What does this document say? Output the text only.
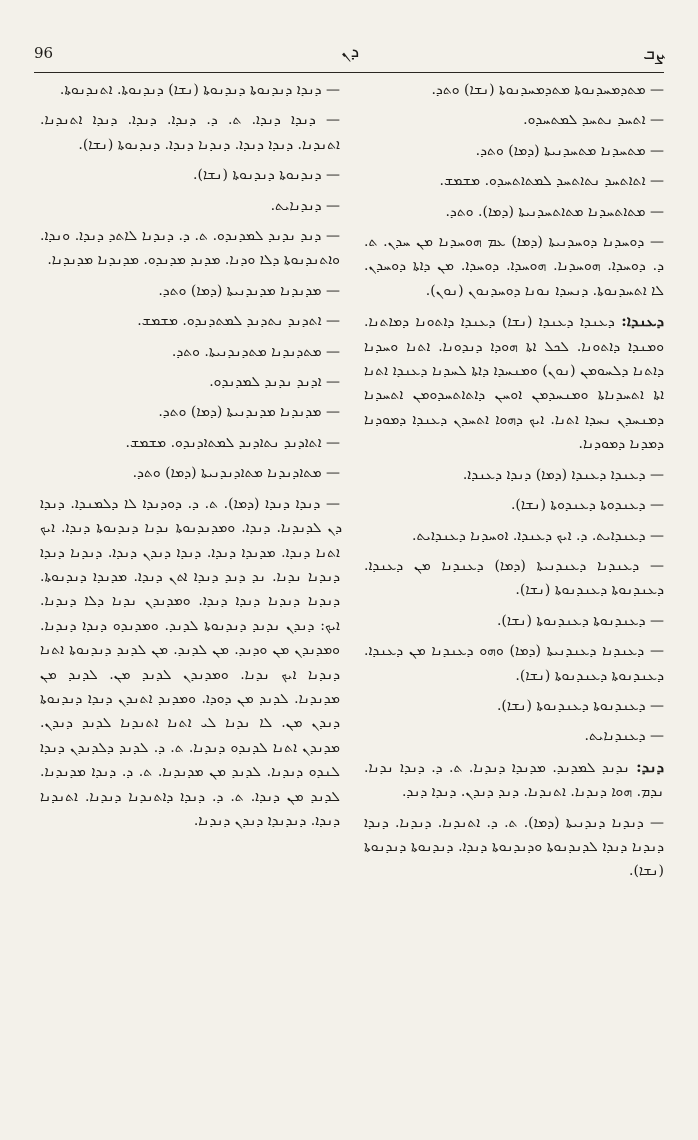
96	ܕܢ	ܨܒ

— ܡܬܕܡܚܕܢܘܬܐ ܡܬܕܡܚܕܢܘܬܐ (ܢܫܐ) ܘܬܕ.

— ܐܬܚܕ ܢܬܚܕ ܠܡܬܚܕܘ.

— ܡܬܚܕܢܐ ܡܬܚܕܢܝܬܐ (ܕܡܐ) ܘܬܕ.

— ܐܬܐܬܚܕ ܢܬܐܬܚܕ ܠܡܬܐܬܚܕܘ. ܡܫܡܫ.

— ܡܬܐܬܚܕܢܐ ܡܬܐܬܚܕܢܝܬܐ (ܕܡܐ). ܘܬܕ.

— ܕܘܚܕܢܐ ܕܘܚܕܢܝܬܐ (ܕܡܐ) ܥܡ ܗܘܚܕܢܐ ܡܢ ܚܕܢ. ܬ. ܕ. ܕܘܚܕܐ. ܗܘܚܕܢܐ. ܗܘܚܕܐ. ܕܘܚܕܐ. ܡܢ ܕܐܬܐ ܕܘܚܕܢ. ܠܐ ܐܬܚܕܢܘܬܐ. ܕܢܚܕܐ ܢܘܢܐ ܕܘܚܕܢܘܢ (ܢܘܢ).

ܕܥܢܕܐ: ܕܥܢܕܐ ܕܥܢܕܐ (ܢܫܐ) ܕܥܢܕܐ ܕܐܬܘܢܐ ܕܡܐܬܢܐ. ܘܡܢܕܐ ܕܐܬܘܢܐ. ܠܟܠ ܐܬܐ ܗܘܕܐ ܕܢܕܘܢܐ. ܐܬܢܐ ܘܚܕܢܐ ܕܐܬܢܐ ܕܠܚܘܡܢ (ܢܘܢ) ܘܡܢܚܕܐ ܕܐܬܐ ܠܚܕܢܐ ܕܥܢܕܐ ܐܬܢܐ ܐܬܐ ܐܬܚܕܢܐܬܐ ܘܡܢܚܕܡܢ ܐܘܚܢ ܕܐܬܐܬܚܕܘܡܢ ܐܬܚܕܢܐ ܕܡܢܚܕܢ ܢܚܕܐ ܐܬܢܐ. ܐܝܟ ܕܗܘܐ ܐܬܚܕܢ ܕܥܢܕܐ ܕܡܘܕܢܐ ܕܡܕܢܐ ܕܡܘܕܢܐ.

— ܕܥܢܕܐ ܕܥܢܕܐ (ܕܡܐ) ܕܢܕܐ ܕܥܢܕܐ.

— ܕܥܢܕܘܬܐ ܕܥܢܕܘܬܐ (ܢܫܐ).

— ܕܥܢܕܐܝܬ. ܕ. ܐܝܟ ܕܥܢܕܐ. ܐܘܚܕܢܐ ܕܥܢܕܐܝܬ.

— ܕܥܢܕܢܐ ܕܥܢܕܢܝܬܐ (ܕܡܐ) ܕܥܢܕܢܐ ܡܢ ܕܥܢܕܐ. ܕܥܢܕܢܘܬܐ ܕܥܢܕܢܘܬܐ (ܢܫܐ).

— ܕܥܢܕܢܘܬܐ ܕܥܢܕܢܘܬܐ (ܢܫܐ).

— ܕܥܢܕܢܐ ܕܥܢܕܢܝܬܐ (ܕܡܐ) ܘܗܘ ܕܥܢܕܢܐ ܡܢ ܕܥܢܕܐ. ܕܥܢܕܢܘܬܐ ܕܥܢܕܢܘܬܐ (ܢܫܐ).

— ܕܥܢܕܢܘܬܐ ܕܥܢܕܢܘܬܐ (ܢܫܐ).

— ܕܥܢܕܢܐܝܬ.

ܕܢܕ: ܢܕܢܕ ܠܡܕܢܕ. ܡܕܢܕܐ ܕܢܕܢܐ. ܬ. ܕ. ܕܢܕܐ ܢܕܢܐ. ܢܕܡ. ܗܘܐ ܕܢܕܢܐ. ܐܬܢܕܢܐ. ܕܢܕ ܕܢܕܢ. ܕܢܕܐ ܕܢܕ.

— ܕܢܕܢܐ ܕܢܕܢܝܬܐ (ܕܡܐ). ܬ. ܕ. ܐܬܢܕܢܐ. ܕܢܕܢܐ. ܕܢܕܐ ܕܢܕܢܐ ܕܢܕܐ ܠܕܢܕܢܘܬܐ ܘܕܢܕܢܘܬܐ ܕܢܕܐ. ܕܢܕܢܘܬܐ ܕܢܕܢܘܬܐ (ܢܫܐ).

— ܕܢܕܐ ܕܢܕܢܘܬܐ ܕܢܕܢܘܬܐ (ܢܫܐ) ܕܢܕܢܘܬܐ. ܐܬܢܕܢܘܬܐ.

— ܕܢܕܐ ܕܢܕܐ. ܬ. ܕ. ܕܢܕܐ. ܕܢܕܐ. ܕܢܕܐ ܐܬܢܕܢܐ. ܐܬܢܕܢܐ. ܕܢܕܐ ܕܢܕܐ. ܕܢܕܢܐ ܕܢܕܐ. ܕܢܕܢܘܬܐ (ܢܫܐ).

— ܕܢܕܢܘܬܐ ܕܢܕܢܘܬܐ (ܢܫܐ).

— ܕܢܕܢܐܝܬ.

— ܕܢܕ ܢܕܢܕ ܠܡܕܢܕܘ. ܬ. ܕ. ܕܢܕܢܐ ܠܐܬܕ ܕܢܕܐ. ܘܢܕܐ. ܘܐܬܢܕܢܘܬܐ ܕܠܐ ܘܕܢܐ. ܡܕܢܕ ܡܕܢܕܘ. ܡܕܢܕܢܐ ܡܕܢܕܢܐ.

— ܡܕܢܕܢܐ ܡܕܢܕܢܝܬܐ (ܕܡܐ) ܘܬܕ.

— ܐܬܕܢܕ ܢܬܕܢܕ ܠܡܬܕܢܕܘ. ܡܫܡܫ.

— ܡܬܕܢܕܢܐ ܡܬܕܢܕܢܝܬܐ. ܘܬܕ.

— ܐܕܢܕ ܢܕܢܕ ܠܡܕܢܕܘ.

— ܡܕܢܕܢܐ ܡܕܢܕܢܝܬܐ (ܕܡܐ) ܘܬܕ.

— ܐܬܐܕܢܕ ܢܬܐܕܢܕ ܠܡܬܐܕܢܕܘ. ܡܫܡܫ.

— ܡܬܐܕܢܕܢܐ ܡܬܐܕܢܕܢܝܬܐ (ܕܡܐ) ܘܬܕ.

— ܕܢܕܐ ܕܢܕܐ (ܕܡܐ). ܬ. ܕ. ܕܘܕܢܕܐ ܠܐ ܕܠܡܢܕܐ. ܕܢܕܐ ܕܢ ܠܕܢܕܢܐ. ܕܢܕܐ. ܘܡܕܢܕܢܘܬܐ ܢܕܢܐ ܕܢܕܢܘܬܐ ܕܢܕܐ. ܐܝܟ ܐܬܢܐ ܕܢܕܐ. ܡܕܢܕܐ ܕܢܕܐ. ܕܢܕܐ ܕܢܕܢ ܕܢܕܐ. ܕܢܕܢܐ ܕܢܕܐ ܕܢܕܢܐ ܢܕܢܐ. ܢܕ ܕܢܕ ܕܢܕܐ ܐܬܢ ܕܢܕܐ. ܡܕܢܕܐ ܕܢܕܢܘܬܐ. ܕܢܕܢܐ ܕܢܕܢܐ ܕܢܕܐ ܕܢܕܐ. ܘܡܕܢܕܢ ܢܕܢܐ ܕܠܐ ܕܢܕܢܐ. ܐܝܟ: ܕܢܕܢ ܢܕܢܕ ܕܢܕܢܘܬܐ ܠܕܢܕ. ܘܡܕܢܕܘ ܕܢܕܐ ܕܢܕܢܐ. ܘܡܕܢܕܢ ܡܢ ܘܕܢܕ. ܡܢ ܠܕܢܕ. ܡܢ ܠܕܢܕ ܕܢܕܢܘܬܐ ܐܬܢܐ ܕܢܕܢܐ ܐܝܟ ܢܕܢܐ. ܘܡܕܢܕܢ ܠܕܢܕ ܡܢ. ܠܕܢܕ ܡܢ ܡܕܢܕܢܐ. ܠܕܢܕ ܡܢ ܕܘܕܐ. ܘܡܕܢܕ ܐܬܢܕܢ ܕܢܕܐ ܕܢܕܢܘܬܐ ܕܢܕܢ ܡܢ. ܠܐ ܢܕܢܐ ܠܝ ܐܬܢܐ ܐܬܢܕܢܐ ܠܕܢܕ ܕܢܕܢ. ܡܕܢܕܢ ܐܬܢܐ ܠܕܢܕܘ ܕܢܕܢܐ. ܬ. ܕ. ܠܕܢܕ ܕܠܕܢܕܢ ܕܢܕܐ ܠܢܕܘ ܕܢܕܢܐ. ܠܕܢܕ ܡܢ ܡܕܢܕܢܐ. ܬ. ܕ. ܕܢܕܐ ܡܕܢܕܢܐ. ܠܕܢܕ ܡܢ ܕܢܕܐ. ܬ. ܕ. ܕܢܕܐ ܕܐܬܢܕܢܐ ܕܢܕܢܐ. ܐܬܢܕܢܐ ܕܢܕܐ. ܕܢܕܢܕܐ ܕܢܕܢ ܕܢܕܢܐ.
